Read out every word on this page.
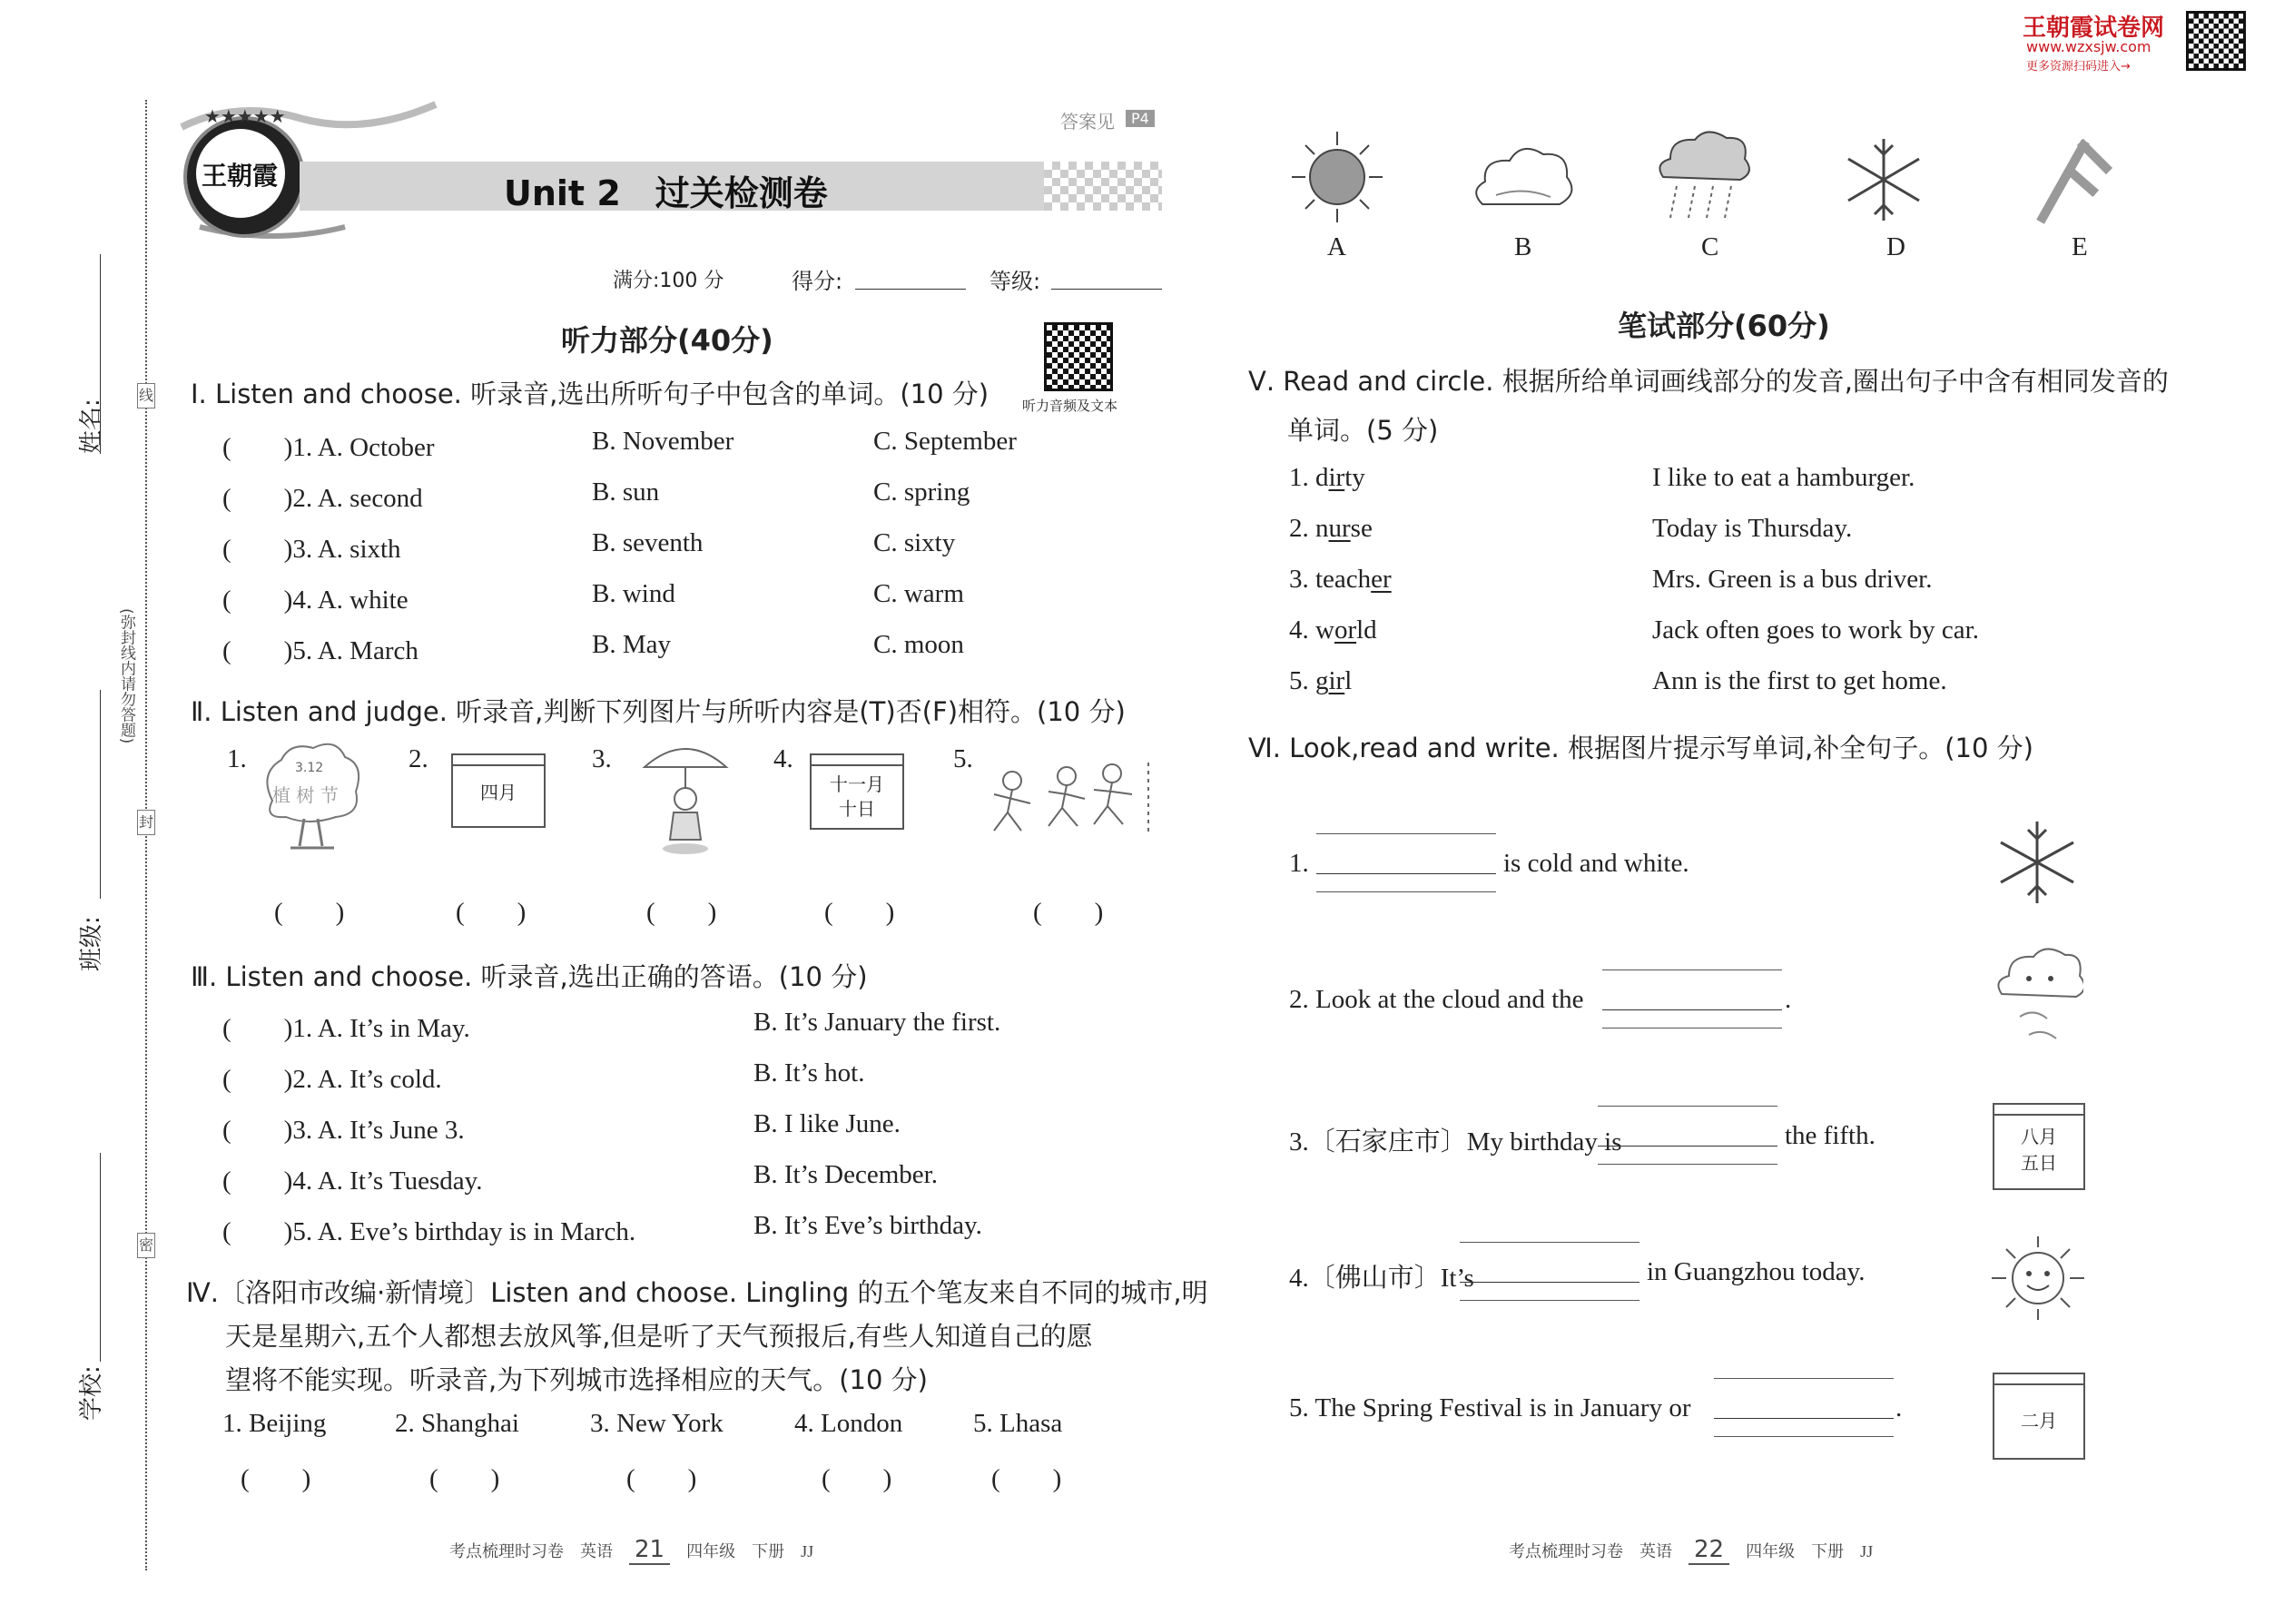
线
封
密
(弥封线内请勿答题)
姓名:
班级:
学校:
王朝霞
★★★★★
Unit 2　过关检测卷
答案见	P4
满分:100 分	得分:	等级:
听力部分(40分)
听力音频及文本
Ⅰ. Listen and choose. 听录音,选出所听句子中包含的单词。(10 分)
(　　)1. A. October	B. November	C. September
(　　)2. A. second	B. sun	C. spring
(　　)3. A. sixth	B. seventh	C. sixty
(　　)4. A. white	B. wind	C. warm
(　　)5. A. March	B. May	C. moon
Ⅱ. Listen and judge. 听录音,判断下列图片与所听内容是(T)否(F)相符。(10 分)
1.	2.	3.	4.	5.
3.12
植 树 节	四月	十一月
十日
(　　)	(　　)	(　　)	(　　)	(　　)
Ⅲ. Listen and choose. 听录音,选出正确的答语。(10 分)
(　　)1. A. It’s in May.	B. It’s January the first.
(　　)2. A. It’s cold.	B. It’s hot.
(　　)3. A. It’s June 3.	B. I like June.
(　　)4. A. It’s Tuesday.	B. It’s December.
(　　)5. A. Eve’s birthday is in March.	B. It’s Eve’s birthday.
Ⅳ.〔洛阳市改编·新情境〕Listen and choose. Lingling 的五个笔友来自不同的城市,明
天是星期六,五个人都想去放风筝,但是听了天气预报后,有些人知道自己的愿
望将不能实现。听录音,为下列城市选择相应的天气。(10 分)
1. Beijing	2. Shanghai	3. New York	4. London	5. Lhasa
(　　)	(　　)	(　　)	(　　)	(　　)
考点梳理时习卷　 英语　 21　 四年级　 下册　 JJ
王朝霞试卷网
www.wzxsjw.com
更多资源扫码进入→
A	B	C	D	E
笔试部分(60分)
Ⅴ. Read and circle. 根据所给单词画线部分的发音,圈出句子中含有相同发音的
单词。(5 分)
1. dirty	I like to eat a hamburger.
2. nurse	Today is Thursday.
3. teacher	Mrs. Green is a bus driver.
4. world	Jack often goes to work by car.
5. girl	Ann is the first to get home.
Ⅵ. Look,read and write. 根据图片提示写单词,补全句子。(10 分)
1.	is cold and white.
2. Look at the cloud and the	.
3.〔石家庄市〕My birthday is	the fifth.	八月
五日
4.〔佛山市〕It’s	in Guangzhou today.
5. The Spring Festival is in January or	.	二月
考点梳理时习卷　 英语　 22　 四年级　 下册　 JJ
